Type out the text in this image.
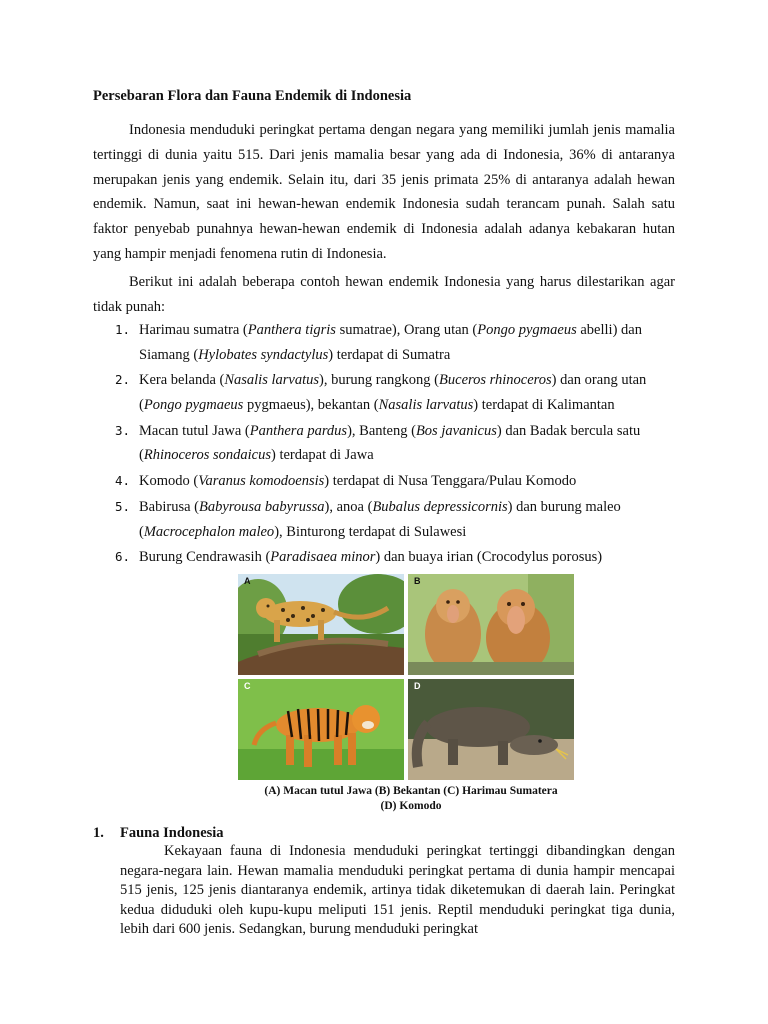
Persebaran Flora dan Fauna Endemik di Indonesia

Indonesia menduduki peringkat pertama dengan negara yang memiliki jumlah jenis mamalia tertinggi di dunia yaitu 515. Dari jenis mamalia besar yang ada di Indonesia, 36% di antaranya merupakan jenis yang endemik. Selain itu, dari 35 jenis primata 25% di antaranya adalah hewan endemik. Namun, saat ini hewan-hewan endemik Indonesia sudah terancam punah. Salah satu faktor penyebab punahnya hewan-hewan endemik di Indonesia adalah adanya kebakaran hutan yang hampir menjadi fenomena rutin di Indonesia.

Berikut ini adalah beberapa contoh hewan endemik Indonesia yang harus dilestarikan agar tidak punah:

1. Harimau sumatra (Panthera tigris sumatrae), Orang utan (Pongo pygmaeus abelli) dan Siamang (Hylobates syndactylus) terdapat di Sumatra
2. Kera belanda (Nasalis larvatus), burung rangkong (Buceros rhinoceros) dan orang utan (Pongo pygmaeus pygmaeus), bekantan (Nasalis larvatus) terdapat di Kalimantan
3. Macan tutul Jawa (Panthera pardus), Banteng (Bos javanicus) dan Badak bercula satu (Rhinoceros sondaicus) terdapat di Jawa
4. Komodo (Varanus komodoensis) terdapat di Nusa Tenggara/Pulau Komodo
5. Babirusa (Babyrousa babyrussa), anoa (Bubalus depressicornis) dan burung maleo (Macrocephalon maleo), Binturong terdapat di Sulawesi
6. Burung Cendrawasih (Paradisaea minor) dan buaya irian (Crocodylus porosus)
A	B
C	D

(A) Macan tutul Jawa (B) Bekantan (C) Harimau Sumatera
(D) Komodo

1. Fauna Indonesia

Kekayaan fauna di Indonesia menduduki peringkat tertinggi dibandingkan dengan negara-negara lain. Hewan mamalia menduduki peringkat pertama di dunia hampir mencapai 515 jenis, 125 jenis diantaranya endemik, artinya tidak diketemukan di daerah lain. Peringkat kedua diduduki oleh kupu-kupu meliputi 151 jenis. Reptil menduduki peringkat tiga dunia, lebih dari 600 jenis. Sedangkan, burung menduduki peringkat
